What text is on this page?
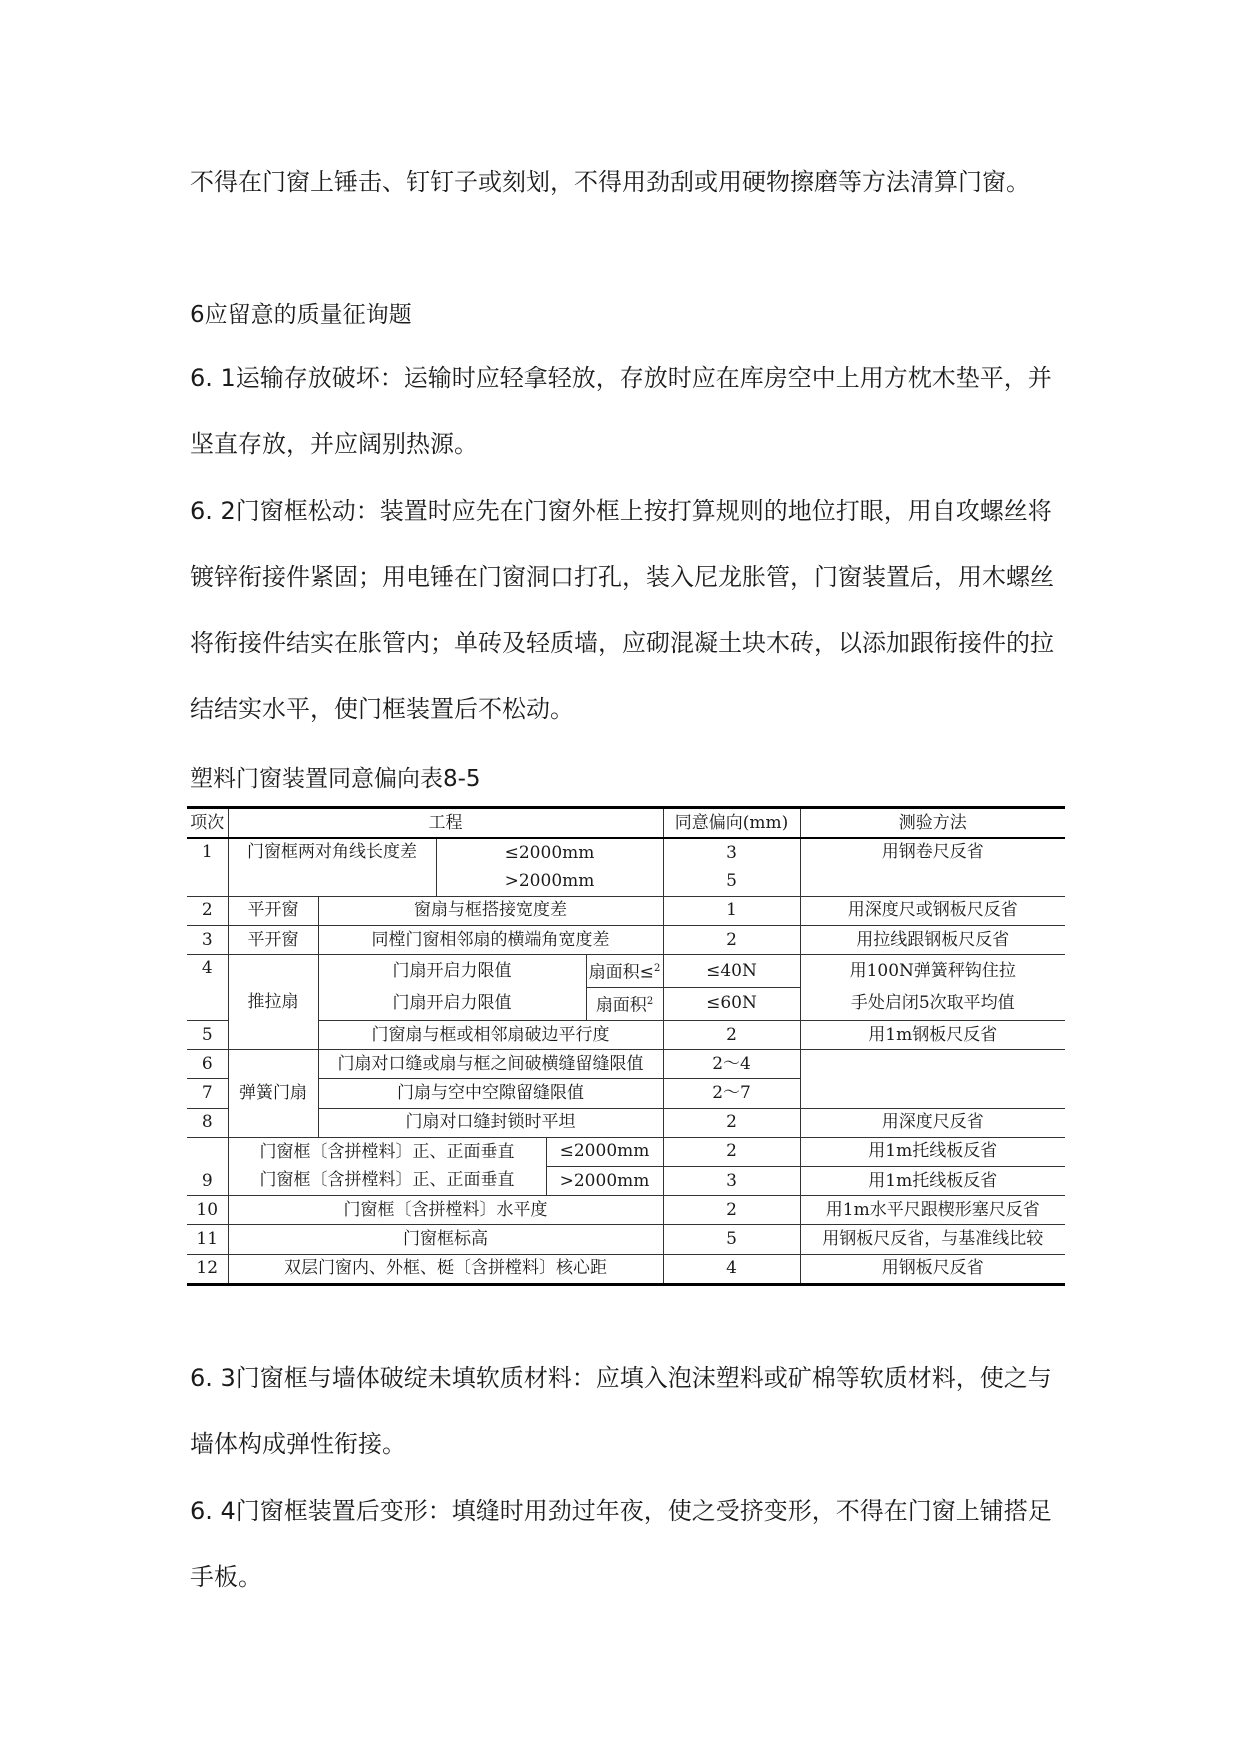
不得在门窗上锤击、钉钉子或刻划，不得用劲刮或用硬物擦磨等方法清算门窗。
6应留意的质量征询题
6. 1运输存放破坏：运输时应轻拿轻放，存放时应在库房空中上用方枕木垫平，并坚直存放，并应阔别热源。
6. 2门窗框松动：装置时应先在门窗外框上按打算规则的地位打眼，用自攻螺丝将镀锌衔接件紧固；用电锤在门窗洞口打孔，装入尼龙胀管，门窗装置后，用木螺丝将衔接件结实在胀管内；单砖及轻质墙，应砌混凝土块木砖，以添加跟衔接件的拉结结实水平，使门框装置后不松动。
塑料门窗装置同意偏向表8-5
项次	工程					同意偏向(mm)	测验方法
1	门窗框两对角线长度差		≤2000mm			3	用钢卷尺反省
			>2000mm			5	
2	平开窗	窗扇与框搭接宽度差				1	用深度尺或钢板尺反省
3	平开窗	同樘门窗相邻扇的横端角宽度差				2	用拉线跟钢板尺反省
4	推拉扇	门扇开启力限值			扇面积≤$^2$	≤40N	用100N弹簧秤钩住拉
		门扇开启力限值			扇面积$^2$	≤60N	手处启闭5次取平均值
5		门窗扇与框或相邻扇破边平行度				2	用1m钢板尺反省
6	弹簧门扇	门扇对口缝或扇与框之间破横缝留缝限值				2～4	
7		门扇与空中空隙留缝限值				2～7	
8		门扇对口缝封锁时平坦				2	用深度尺反省
9	门窗框〔含拼樘料〕正、正面垂直			≤2000mm		2	用1m托线板反省
	门窗框〔含拼樘料〕正、正面垂直			>2000mm		3	用1m托线板反省
10	门窗框〔含拼樘料〕水平度					2	用1m水平尺跟楔形塞尺反省
11	门窗框标高					5	用钢板尺反省，与基准线比较
12	双层门窗内、外框、梃〔含拼樘料〕核心距					4	用钢板尺反省
6. 3门窗框与墙体破绽未填软质材料：应填入泡沫塑料或矿棉等软质材料，使之与墙体构成弹性衔接。
6. 4门窗框装置后变形：填缝时用劲过年夜，使之受挤变形，不得在门窗上铺搭足手板。
